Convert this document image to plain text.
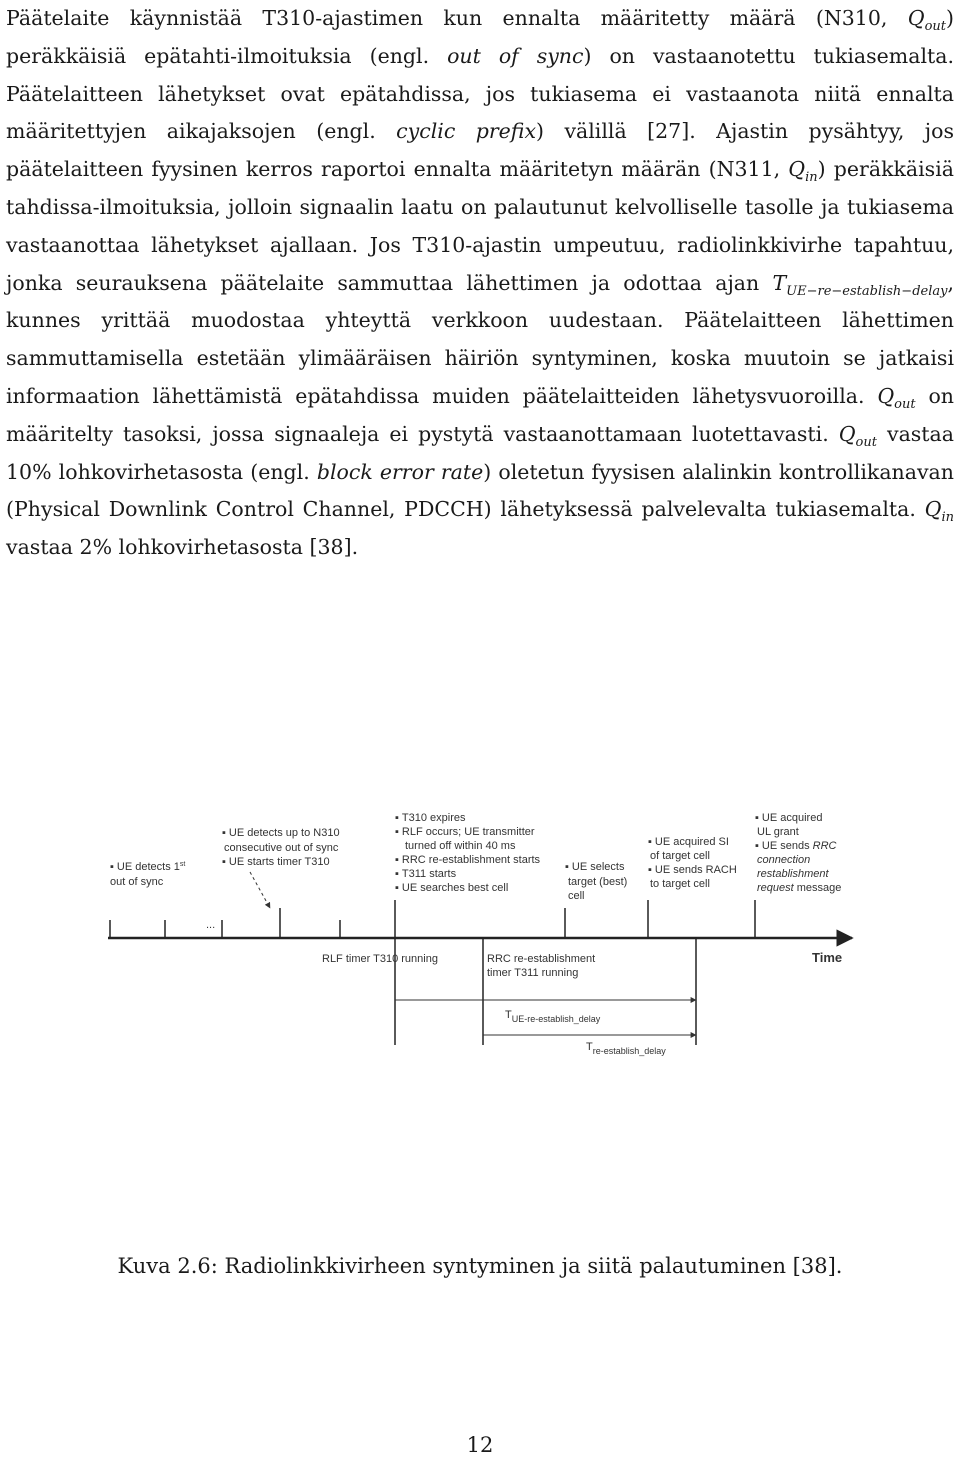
Päätelaite käynnistää T310-ajastimen kun ennalta määritetty määrä (N310, $Q_{out}$) peräkkäisiä epätahti-ilmoituksia (engl. out of sync) on vastaanotettu tukiasemalta. Päätelaitteen lähetykset ovat epätahdissa, jos tukiasema ei vastaanota niitä ennalta määritettyjen aikajaksojen (engl. cyclic prefix) välillä [27]. Ajastin pysähtyy, jos päätelaitteen fyysinen kerros raportoi ennalta määritetyn määrän (N311, $Q_{in}$) peräkkäisiä tahdissa-ilmoituksia, jolloin signaalin laatu on palautunut kelvolliselle tasolle ja tukiasema vastaanottaa lähetykset ajallaan. Jos T310-ajastin umpeutuu, radiolinkkivirhe tapahtuu, jonka seurauksena päätelaite sammuttaa lähettimen ja odottaa ajan $T_{UE-re-establish-delay}$, kunnes yrittää muodostaa yhteyttä verkkoon uudestaan. Päätelaitteen lähettimen sammuttamisella estetään ylimääräisen häiriön syntyminen, koska muutoin se jatkaisi informaation lähettämistä epätahdissa muiden päätelaitteiden lähetysvuoroilla. $Q_{out}$ on määritelty tasoksi, jossa signaaleja ei pystytä vastaanottamaan luotettavasti. $Q_{out}$ vastaa 10% lohkovirhetasosta (engl. block error rate) oletetun fyysisen alalinkin kontrollikanavan (Physical Downlink Control Channel, PDCCH) lähetyksessä palvelevalta tukiasemalta. $Q_{in}$ vastaa 2% lohkovirhetasosta [38].

▪ UE detects 1st
out of sync
▪ UE detects up to N310
consecutive out of sync
▪ UE starts timer T310
▪ T310 expires
▪ RLF occurs; UE transmitter
turned off within 40 ms
▪ RRC re-establishment starts
▪ T311 starts
▪ UE searches best cell
▪ UE selects
target (best)
cell
▪ UE acquired SI
of target cell
▪ UE sends RACH
to target cell
▪ UE acquired
UL grant
▪ UE sends RRC
connection
restablishment
request message
...
Time
RLF timer T310 running	RRC re-establishment
timer T311 running
$T_{UE-re-establish\_delay}$
$T_{re-establish\_delay}$
Kuva 2.6: Radiolinkkivirheen syntyminen ja siitä palautuminen [38].
12
